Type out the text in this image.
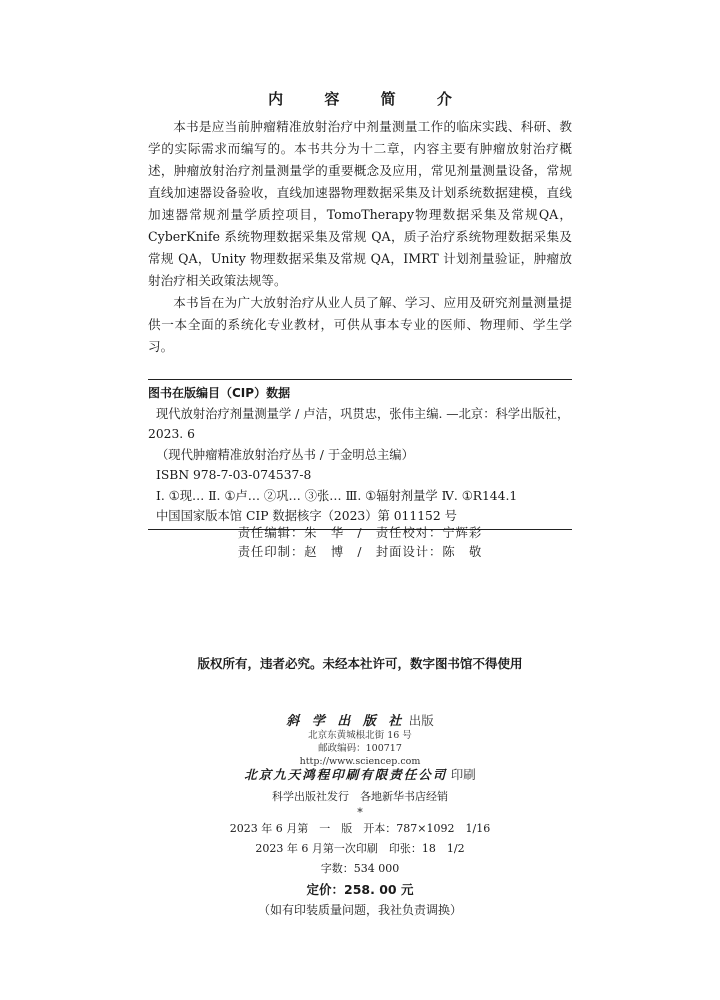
内 容 简 介

本书是应当前肿瘤精准放射治疗中剂量测量工作的临床实践、科研、教学的实际需求而编写的。本书共分为十二章，内容主要有肿瘤放射治疗概述，肿瘤放射治疗剂量测量学的重要概念及应用，常见剂量测量设备，常规直线加速器设备验收，直线加速器物理数据采集及计划系统数据建模，直线加速器常规剂量学质控项目，TomoTherapy物理数据采集及常规QA，CyberKnife 系统物理数据采集及常规 QA，质子治疗系统物理数据采集及常规 QA，Unity 物理数据采集及常规 QA，IMRT 计划剂量验证，肿瘤放射治疗相关政策法规等。

本书旨在为广大放射治疗从业人员了解、学习、应用及研究剂量测量提供一本全面的系统化专业教材，可供从事本专业的医师、物理师、学生学习。

图书在版编目（CIP）数据
现代放射治疗剂量测量学 / 卢洁，巩贯忠，张伟主编. —北京：科学出版社，2023. 6
（现代肿瘤精准放射治疗丛书 / 于金明总主编）
ISBN 978-7-03-074537-8
Ⅰ. ①现… Ⅱ. ①卢… ②巩… ③张… Ⅲ. ①辐射剂量学 Ⅳ. ①R144.1
中国国家版本馆 CIP 数据核字（2023）第 011152 号
责任编辑：朱　华　/　责任校对：宁辉彩
责任印制：赵　博　/　封面设计：陈　敬
版权所有，违者必究。未经本社许可，数字图书馆不得使用
斜 学 出 版 社 出版
北京东黄城根北街 16 号
邮政编码：100717
http://www.sciencep.com
北京九天鸿程印刷有限责任公司 印刷
科学出版社发行　各地新华书店经销
*
2023 年 6 月第　一　版　开本：787×1092　1/16
2023 年 6 月第一次印刷　印张：18　1/2
字数：534 000
定价：258. 00 元
（如有印装质量问题，我社负责调换）
